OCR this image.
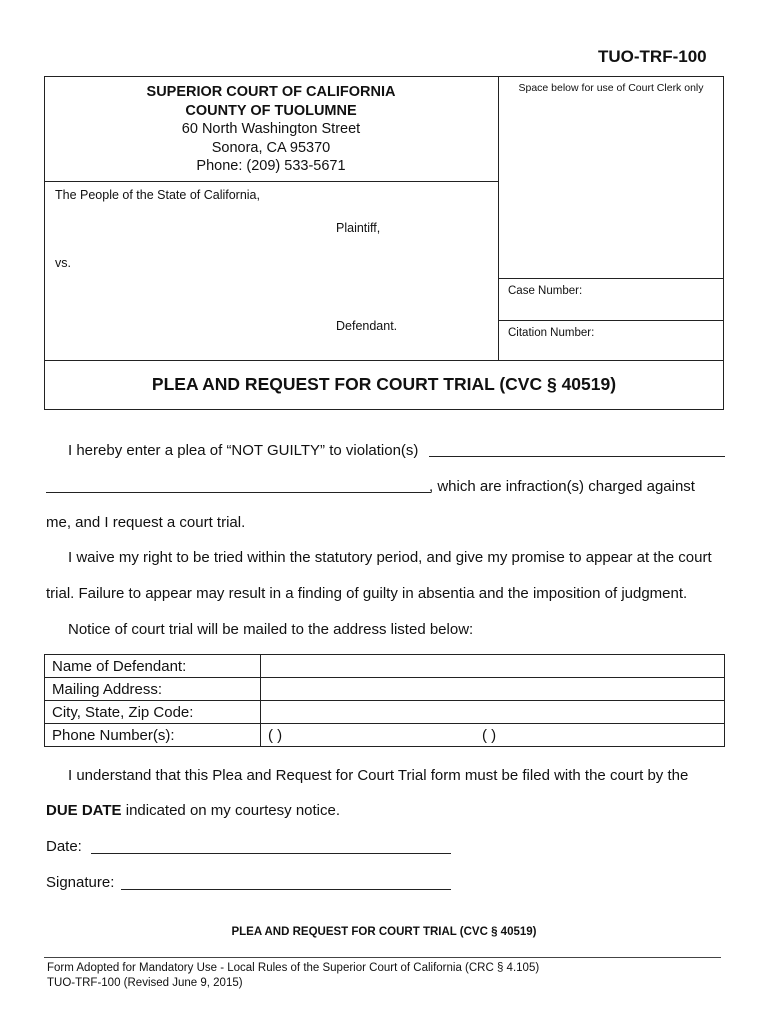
TUO-TRF-100
SUPERIOR COURT OF CALIFORNIA
COUNTY OF TUOLUMNE
60 North Washington Street
Sonora, CA 95370
Phone: (209) 533-5671
Space below for use of Court Clerk only
The People of the State of California,
Plaintiff,
vs.
Defendant.
Case Number:
Citation Number:
PLEA AND REQUEST FOR COURT TRIAL (CVC § 40519)
I hereby enter a plea of “NOT GUILTY” to violation(s)
, which are infraction(s) charged against
me, and I request a court trial.
I waive my right to be tried within the statutory period, and give my promise to appear at the court
trial. Failure to appear may result in a finding of guilty in absentia and the imposition of judgment.
Notice of court trial will be mailed to the address listed below:
Name of Defendant:	
Mailing Address:	
City, State, Zip Code:	
Phone Number(s):	( ) ( )
I understand that this Plea and Request for Court Trial form must be filed with the court by the
DUE DATE indicated on my courtesy notice.
Date:
Signature:
PLEA AND REQUEST FOR COURT TRIAL (CVC § 40519)
Form Adopted for Mandatory Use - Local Rules of the Superior Court of California (CRC § 4.105)
TUO-TRF-100 (Revised June 9, 2015)
